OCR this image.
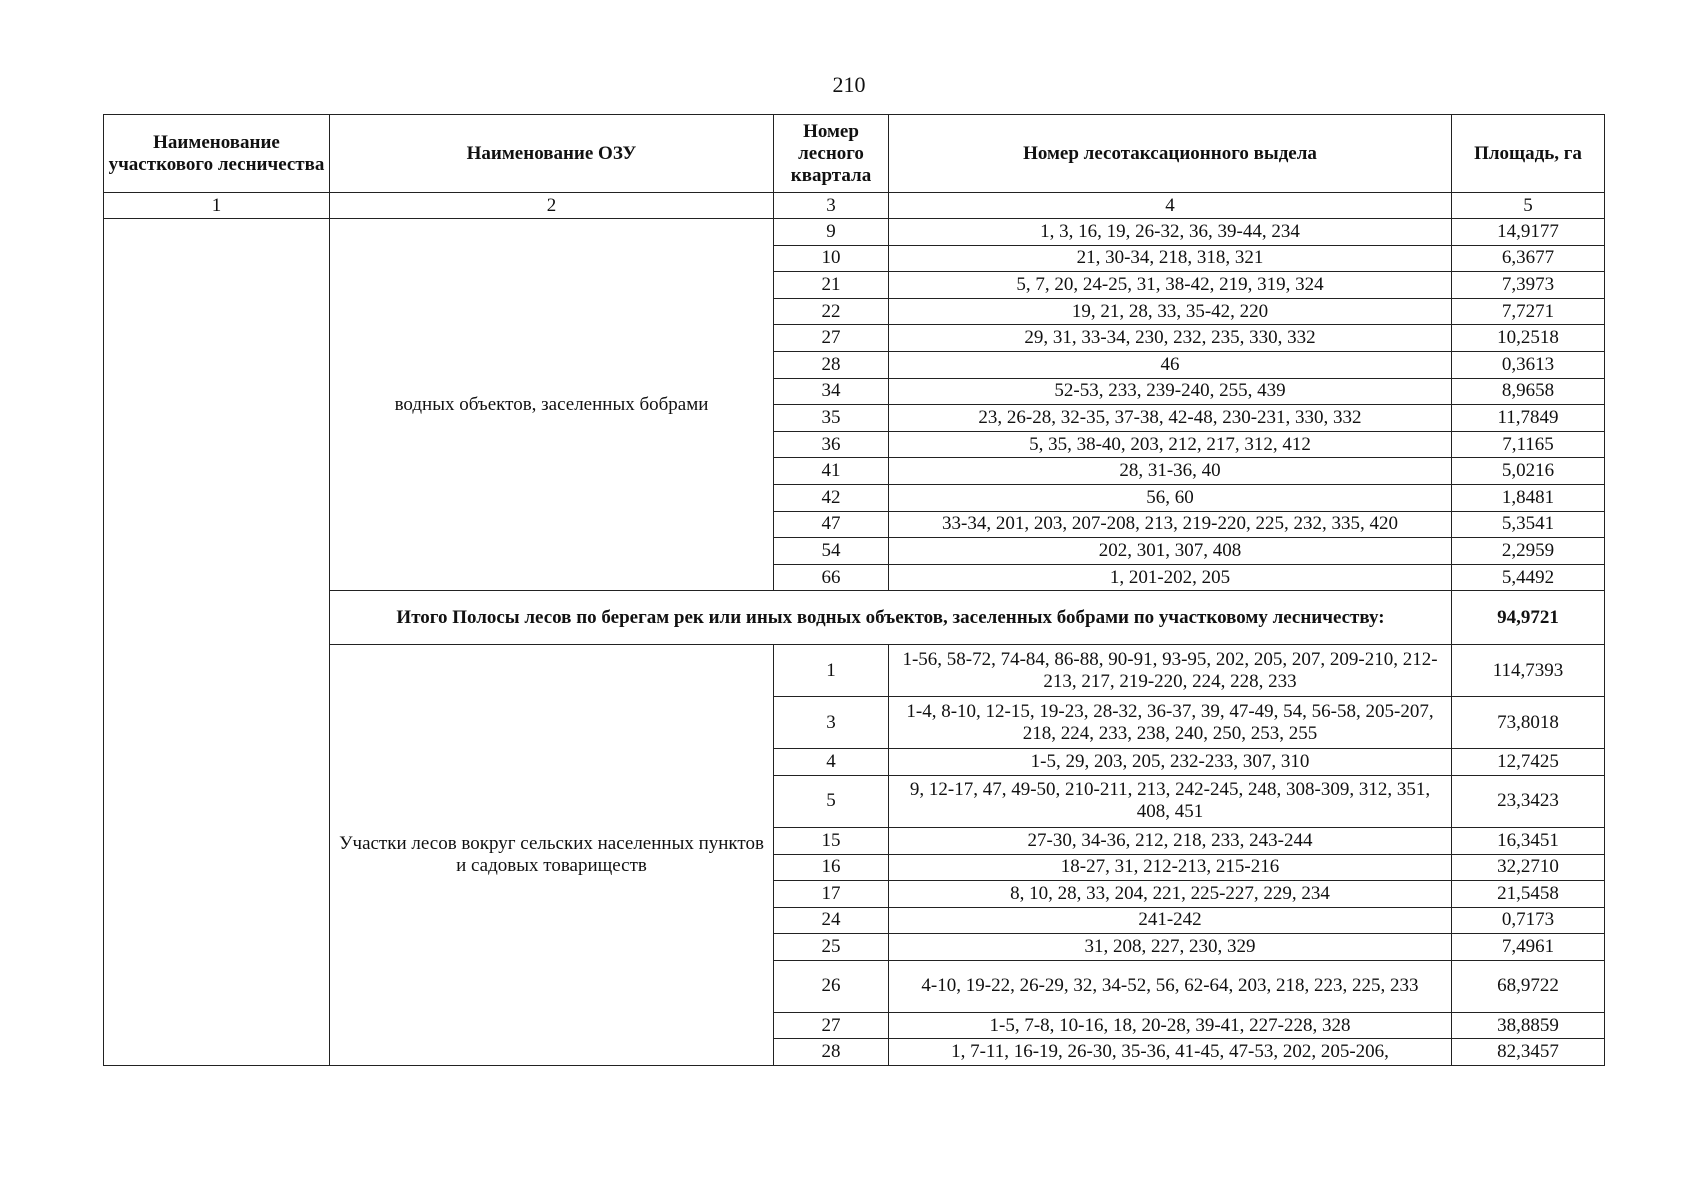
210
Наименование участкового лесничества	Наименование ОЗУ	Номер лесного квартала	Номер лесотаксационного выдела	Площадь, га
1	2	3	4	5
	водных объектов, заселенных бобрами	9	1, 3, 16, 19, 26-32, 36, 39-44, 234	14,9177
		10	21, 30-34, 218, 318, 321	6,3677
		21	5, 7, 20, 24-25, 31, 38-42, 219, 319, 324	7,3973
		22	19, 21, 28, 33, 35-42, 220	7,7271
		27	29, 31, 33-34, 230, 232, 235, 330, 332	10,2518
		28	46	0,3613
		34	52-53, 233, 239-240, 255, 439	8,9658
		35	23, 26-28, 32-35, 37-38, 42-48, 230-231, 330, 332	11,7849
		36	5, 35, 38-40, 203, 212, 217, 312, 412	7,1165
		41	28, 31-36, 40	5,0216
		42	56, 60	1,8481
		47	33-34, 201, 203, 207-208, 213, 219-220, 225, 232, 335, 420	5,3541
		54	202, 301, 307, 408	2,2959
		66	1, 201-202, 205	5,4492
	Итого Полосы лесов по берегам рек или иных водных объектов, заселенных бобрами по участковому лесничеству:			94,9721
	Участки лесов вокруг сельских населенных пунктов и садовых товариществ	1	1-56, 58-72, 74-84, 86-88, 90-91, 93-95, 202, 205, 207, 209-210, 212-213, 217, 219-220, 224, 228, 233	114,7393
		3	1-4, 8-10, 12-15, 19-23, 28-32, 36-37, 39, 47-49, 54, 56-58, 205-207, 218, 224, 233, 238, 240, 250, 253, 255	73,8018
		4	1-5, 29, 203, 205, 232-233, 307, 310	12,7425
		5	9, 12-17, 47, 49-50, 210-211, 213, 242-245, 248, 308-309, 312, 351, 408, 451	23,3423
		15	27-30, 34-36, 212, 218, 233, 243-244	16,3451
		16	18-27, 31, 212-213, 215-216	32,2710
		17	8, 10, 28, 33, 204, 221, 225-227, 229, 234	21,5458
		24	241-242	0,7173
		25	31, 208, 227, 230, 329	7,4961
		26	4-10, 19-22, 26-29, 32, 34-52, 56, 62-64, 203, 218, 223, 225, 233	68,9722
		27	1-5, 7-8, 10-16, 18, 20-28, 39-41, 227-228, 328	38,8859
		28	1, 7-11, 16-19, 26-30, 35-36, 41-45, 47-53, 202, 205-206,	82,3457
